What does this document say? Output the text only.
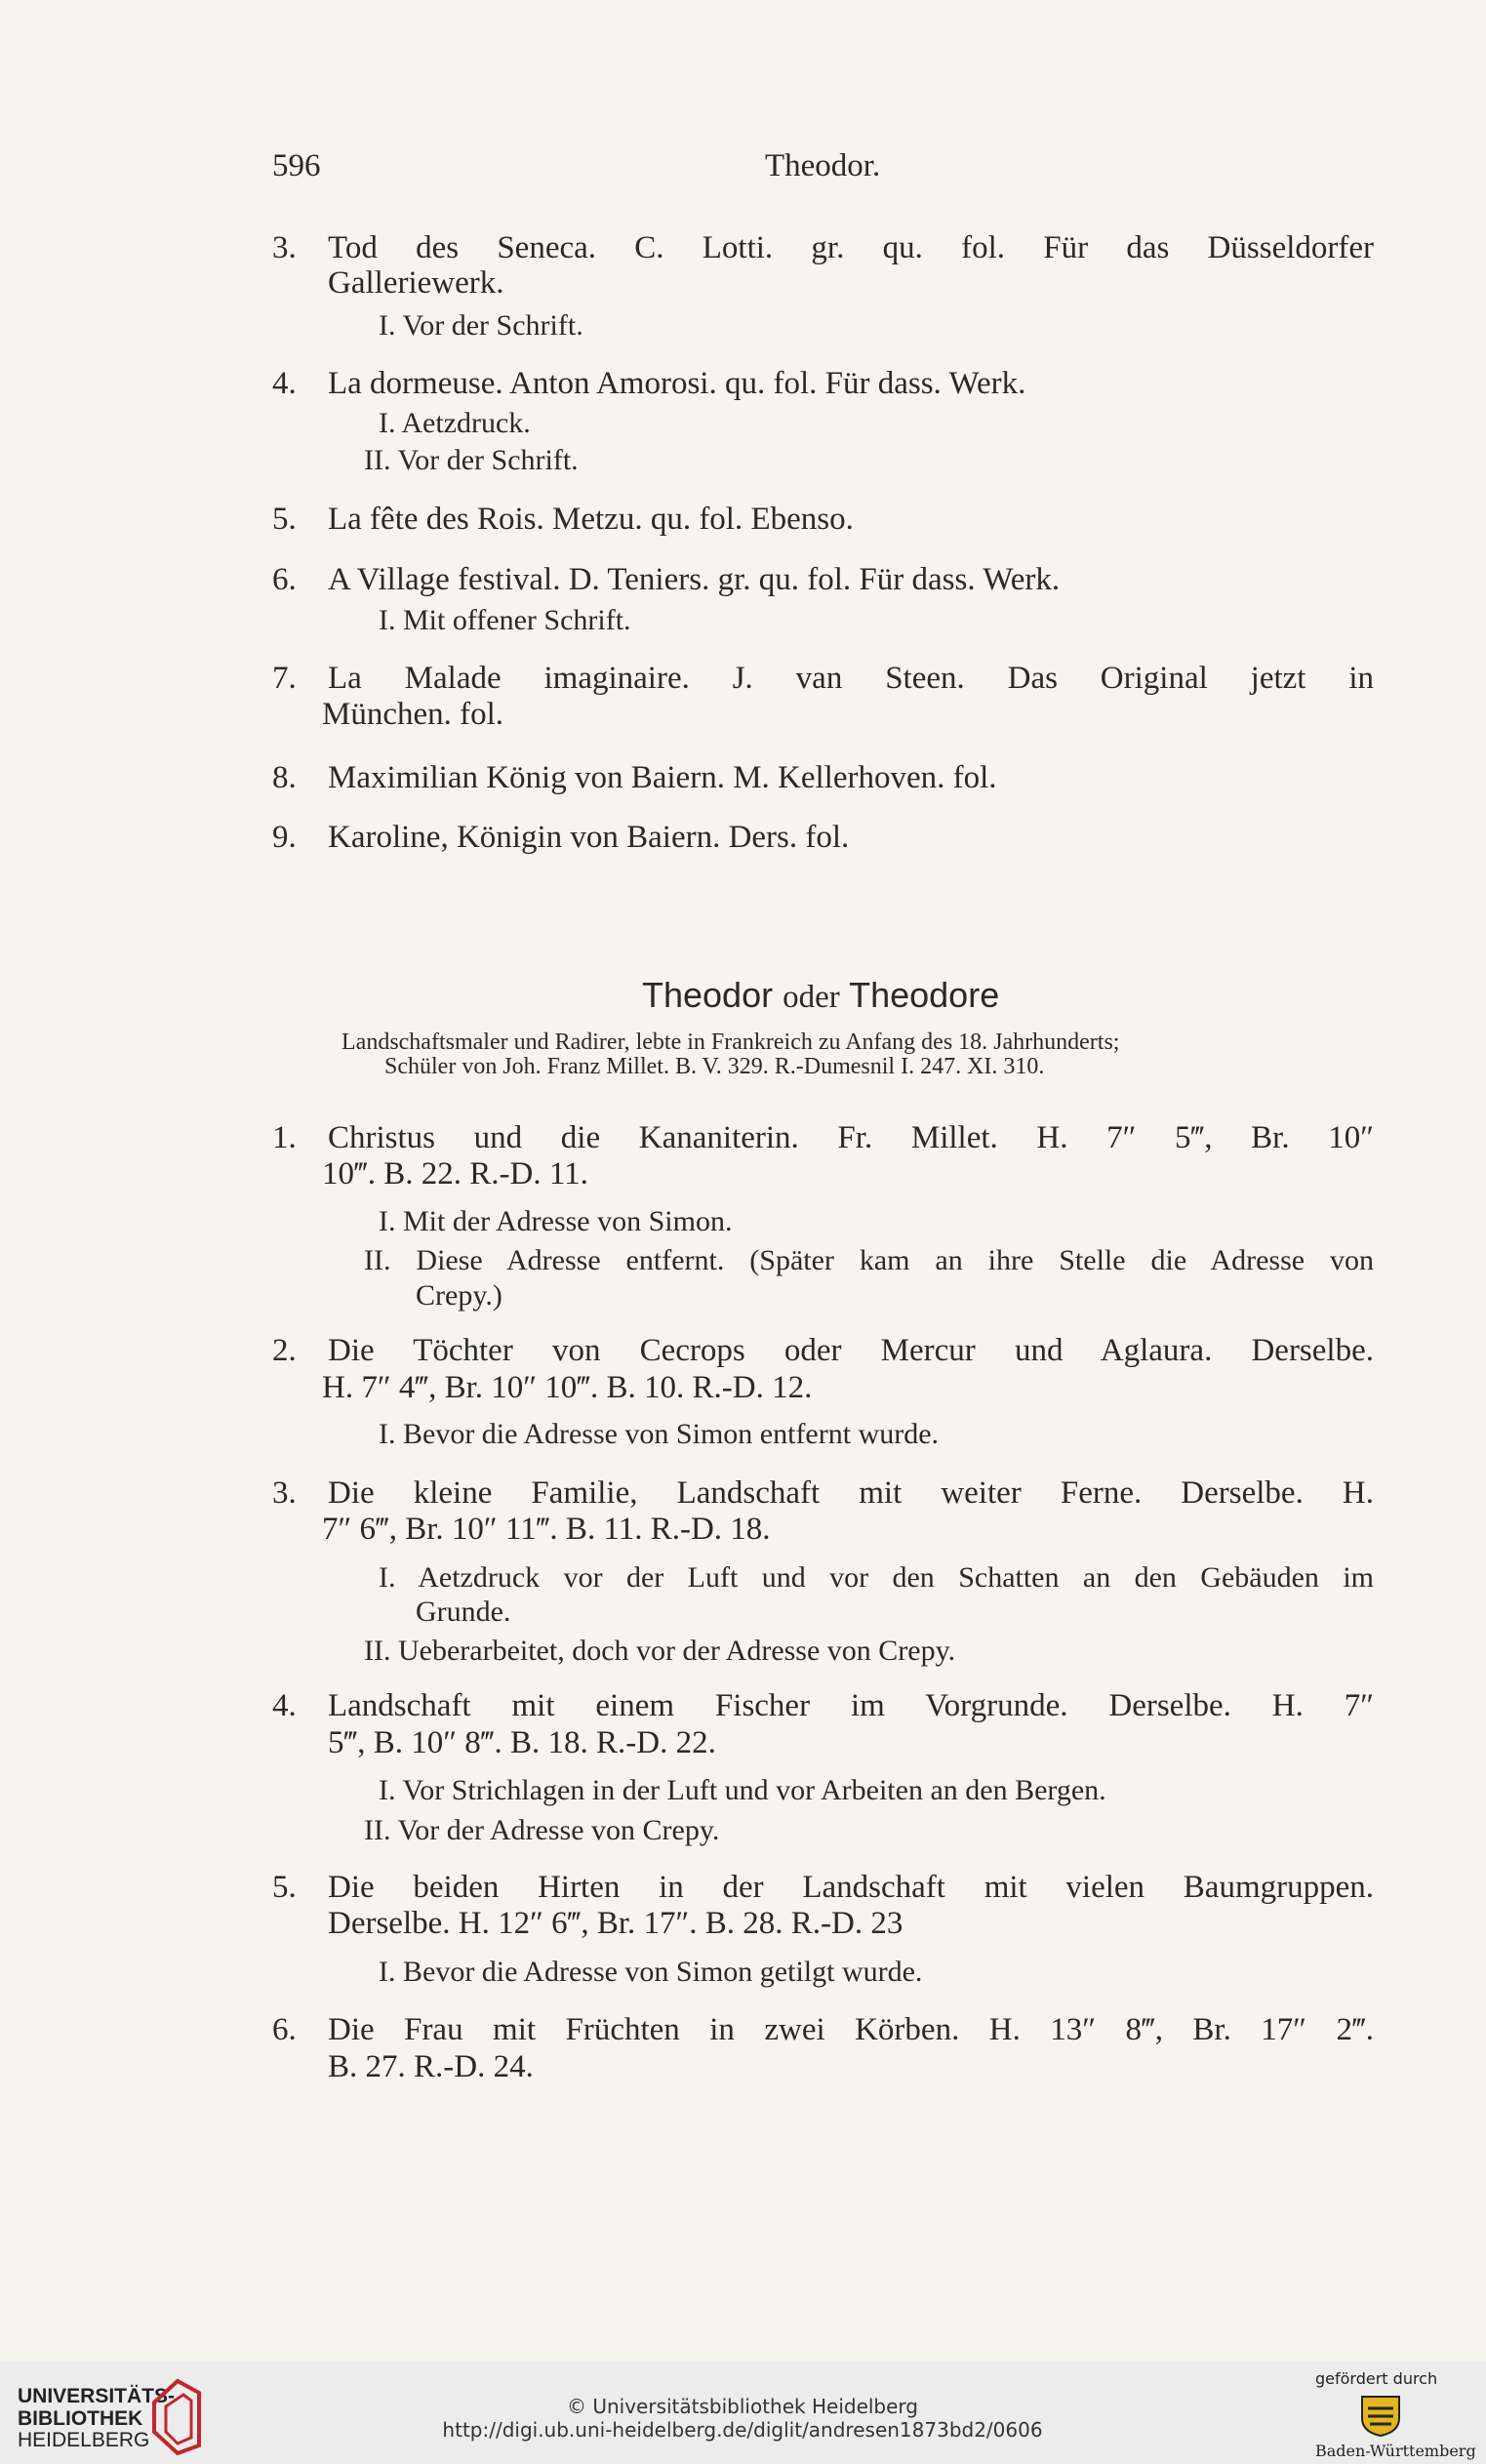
596	Theodor.
3. Tod des Seneca. C. Lotti. gr. qu. fol. Für das Düsseldorfer
Galleriewerk.
I. Vor der Schrift.
4. La dormeuse. Anton Amorosi. qu. fol. Für dass. Werk.
I. Aetzdruck.
II. Vor der Schrift.
5. La fête des Rois. Metzu. qu. fol. Ebenso.
6. A Village festival. D. Teniers. gr. qu. fol. Für dass. Werk.
I. Mit offener Schrift.
7. La Malade imaginaire. J. van Steen. Das Original jetzt in
München. fol.
8. Maximilian König von Baiern. M. Kellerhoven. fol.
9. Karoline, Königin von Baiern. Ders. fol.
Theodor oder Theodore
Landschaftsmaler und Radirer, lebte in Frankreich zu Anfang des 18. Jahrhunderts;
Schüler von Joh. Franz Millet. B. V. 329. R.-Dumesnil I. 247. XI. 310.
1. Christus und die Kananiterin. Fr. Millet. H. 7″ 5‴, Br. 10″
10‴. B. 22. R.-D. 11.
I. Mit der Adresse von Simon.
II. Diese Adresse entfernt. (Später kam an ihre Stelle die Adresse von
Crepy.)
2. Die Töchter von Cecrops oder Mercur und Aglaura. Derselbe.
H. 7″ 4‴, Br. 10″ 10‴. B. 10. R.-D. 12.
I. Bevor die Adresse von Simon entfernt wurde.
3. Die kleine Familie, Landschaft mit weiter Ferne. Derselbe. H.
7″ 6‴, Br. 10″ 11‴. B. 11. R.-D. 18.
I. Aetzdruck vor der Luft und vor den Schatten an den Gebäuden im
Grunde.
II. Ueberarbeitet, doch vor der Adresse von Crepy.
4. Landschaft mit einem Fischer im Vorgrunde. Derselbe. H. 7″
5‴, B. 10″ 8‴. B. 18. R.-D. 22.
I. Vor Strichlagen in der Luft und vor Arbeiten an den Bergen.
II. Vor der Adresse von Crepy.
5. Die beiden Hirten in der Landschaft mit vielen Baumgruppen.
Derselbe. H. 12″ 6‴, Br. 17″. B. 28. R.-D. 23
I. Bevor die Adresse von Simon getilgt wurde.
6. Die Frau mit Früchten in zwei Körben. H. 13″ 8‴, Br. 17″ 2‴.
B. 27. R.-D. 24.
UNIVERSITÄTS-
BIBLIOTHEK
HEIDELBERG
© Universitätsbibliothek Heidelberg
http://digi.ub.uni-heidelberg.de/diglit/andresen1873bd2/0606
gefördert durch
Baden-Württemberg
